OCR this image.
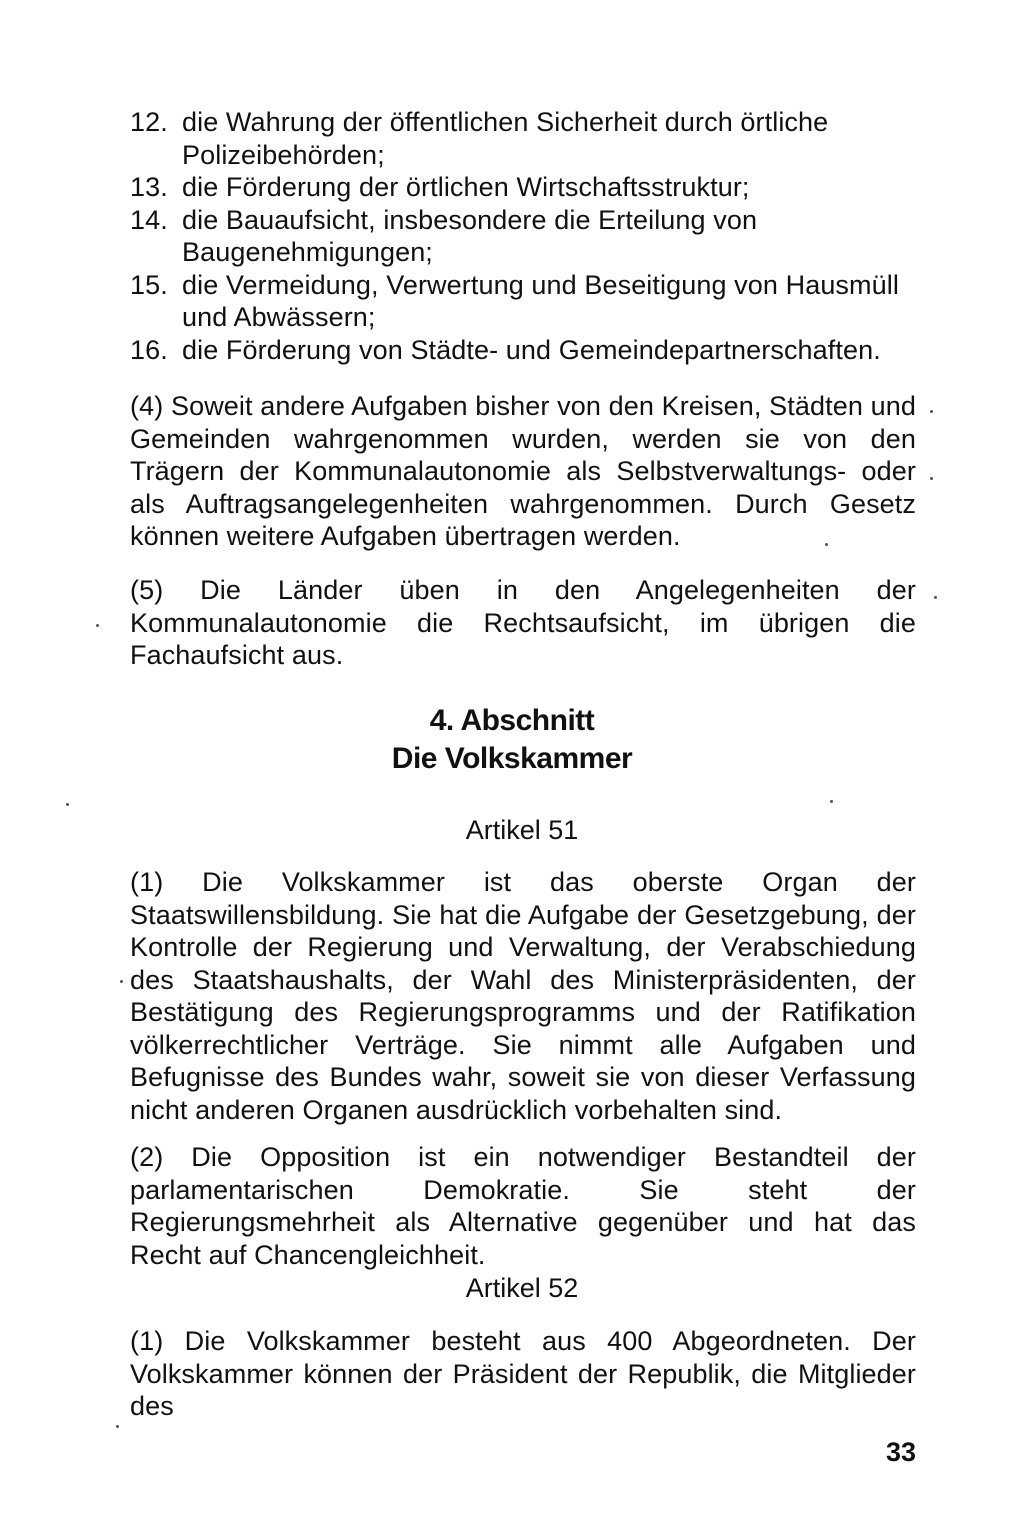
12. die Wahrung der öffentlichen Sicherheit durch örtliche Polizeibehörden;
13. die Förderung der örtlichen Wirtschaftsstruktur;
14. die Bauaufsicht, insbesondere die Erteilung von Baugenehmigungen;
15. die Vermeidung, Verwertung und Beseitigung von Hausmüll und Abwässern;
16. die Förderung von Städte- und Gemeindepartnerschaften.
(4) Soweit andere Aufgaben bisher von den Kreisen, Städten und Gemeinden wahrgenommen wurden, werden sie von den Trägern der Kommunalautonomie als Selbstverwaltungs- oder als Auftragsangelegenheiten wahrgenommen. Durch Gesetz können weitere Aufgaben übertragen werden.
(5) Die Länder üben in den Angelegenheiten der Kommunalautonomie die Rechtsaufsicht, im übrigen die Fachaufsicht aus.
4. Abschnitt
Die Volkskammer
Artikel 51
(1) Die Volkskammer ist das oberste Organ der Staatswillensbildung. Sie hat die Aufgabe der Gesetzgebung, der Kontrolle der Regierung und Verwaltung, der Verabschiedung des Staatshaushalts, der Wahl des Ministerpräsidenten, der Bestätigung des Regierungsprogramms und der Ratifikation völkerrechtlicher Verträge. Sie nimmt alle Aufgaben und Befugnisse des Bundes wahr, soweit sie von dieser Verfassung nicht anderen Organen ausdrücklich vorbehalten sind.
(2) Die Opposition ist ein notwendiger Bestandteil der parlamentarischen Demokratie. Sie steht der Regierungsmehrheit als Alternative gegenüber und hat das Recht auf Chancengleichheit.
Artikel 52
(1) Die Volkskammer besteht aus 400 Abgeordneten. Der Volkskammer können der Präsident der Republik, die Mitglieder des
33
